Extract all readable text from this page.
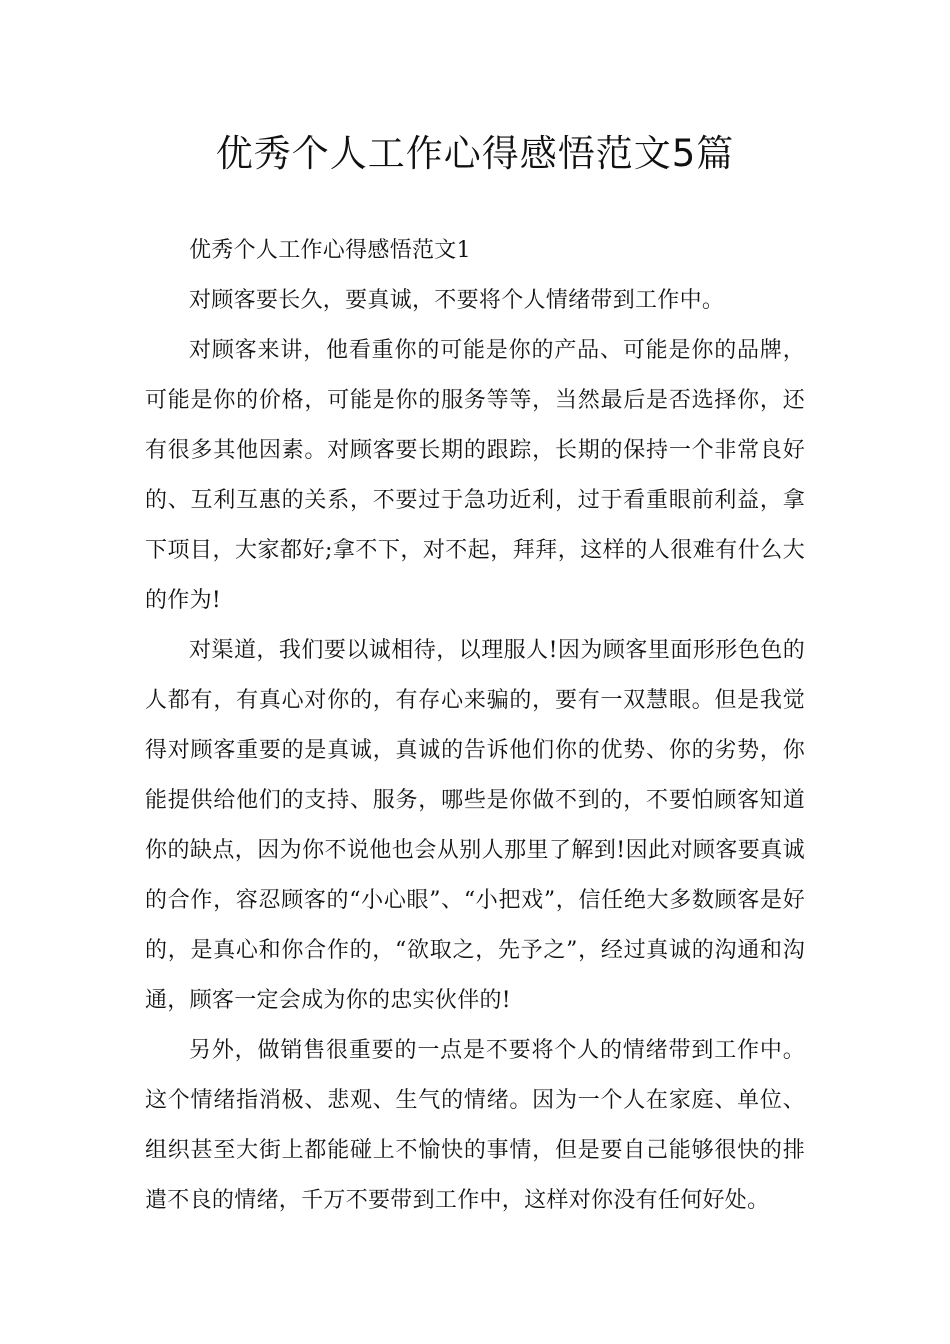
优秀个人工作心得感悟范文5篇

优秀个人工作心得感悟范文1

对顾客要长久，要真诚，不要将个人情绪带到工作中。

对顾客来讲，他看重你的可能是你的产品、可能是你的品牌，可能是你的价格，可能是你的服务等等，当然最后是否选择你，还有很多其他因素。对顾客要长期的跟踪，长期的保持一个非常良好的、互利互惠的关系，不要过于急功近利，过于看重眼前利益，拿下项目，大家都好;拿不下，对不起，拜拜，这样的人很难有什么大的作为!

对渠道，我们要以诚相待，以理服人!因为顾客里面形形色色的人都有，有真心对你的，有存心来骗的，要有一双慧眼。但是我觉得对顾客重要的是真诚，真诚的告诉他们你的优势、你的劣势，你能提供给他们的支持、服务，哪些是你做不到的，不要怕顾客知道你的缺点，因为你不说他也会从别人那里了解到!因此对顾客要真诚的合作，容忍顾客的“小心眼”、“小把戏”，信任绝大多数顾客是好的，是真心和你合作的，“欲取之，先予之”，经过真诚的沟通和沟通，顾客一定会成为你的忠实伙伴的!

另外，做销售很重要的一点是不要将个人的情绪带到工作中。这个情绪指消极、悲观、生气的情绪。因为一个人在家庭、单位、组织甚至大街上都能碰上不愉快的事情，但是要自己能够很快的排遣不良的情绪，千万不要带到工作中，这样对你没有任何好处。
